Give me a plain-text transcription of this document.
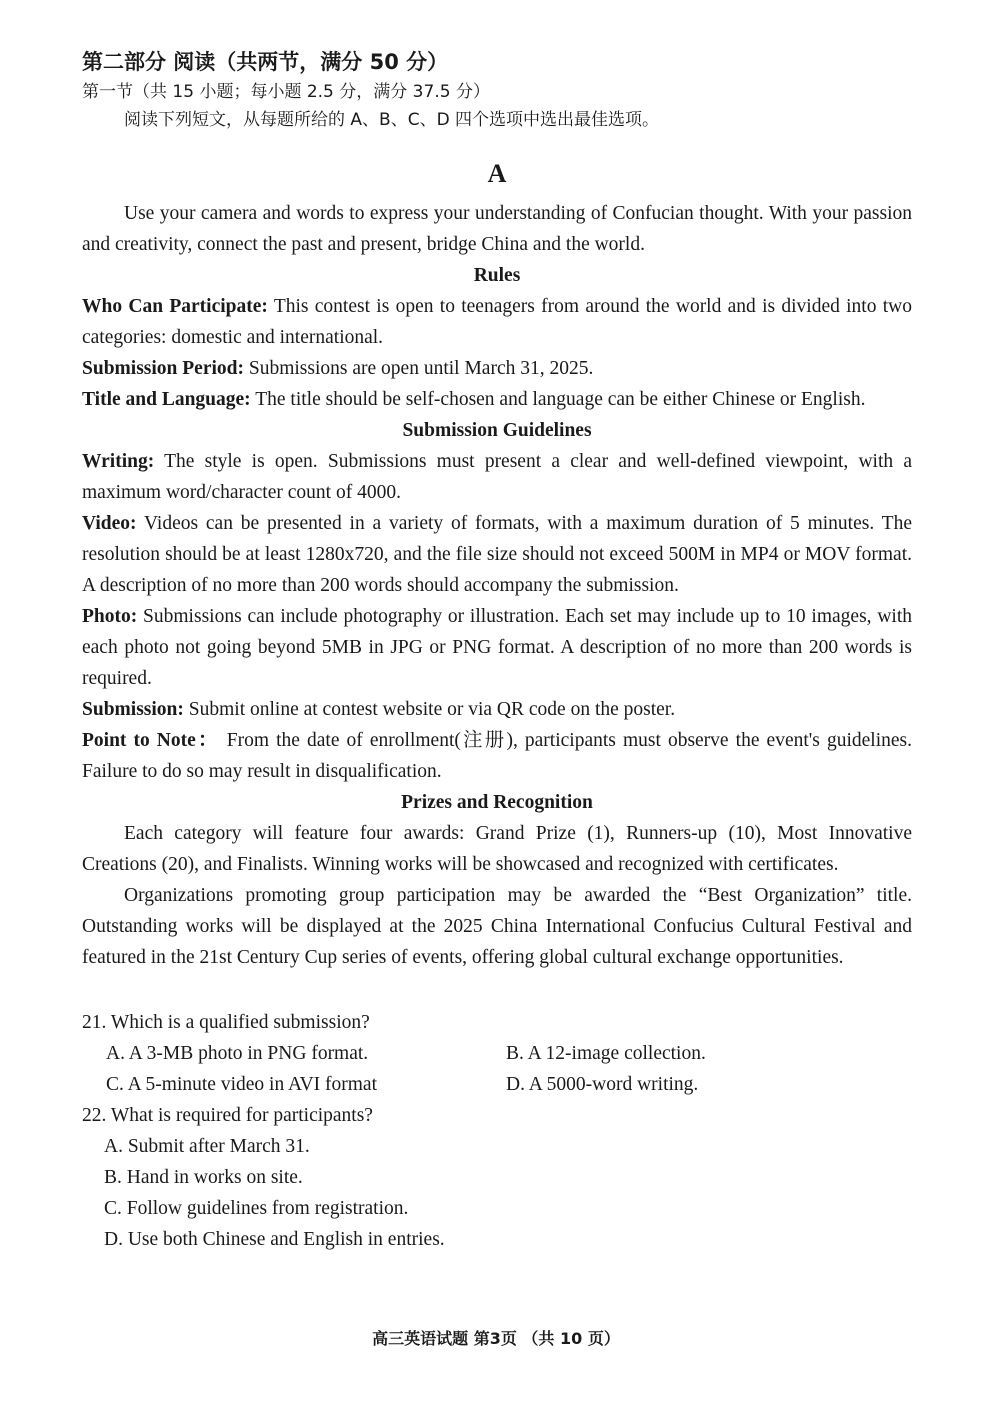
第二部分 阅读（共两节，满分 50 分）

第一节（共 15 小题；每小题 2.5 分，满分 37.5 分）

阅读下列短文，从每题所给的 A、B、C、D 四个选项中选出最佳选项。

A

Use your camera and words to express your understanding of Confucian thought. With your passion and creativity, connect the past and present, bridge China and the world.

Rules

Who Can Participate: This contest is open to teenagers from around the world and is divided into two categories: domestic and international.

Submission Period: Submissions are open until March 31, 2025.

Title and Language: The title should be self-chosen and language can be either Chinese or English.

Submission Guidelines

Writing: The style is open. Submissions must present a clear and well-defined viewpoint, with a maximum word/character count of 4000.

Video: Videos can be presented in a variety of formats, with a maximum duration of 5 minutes. The resolution should be at least 1280x720, and the file size should not exceed 500M in MP4 or MOV format. A description of no more than 200 words should accompany the submission.

Photo: Submissions can include photography or illustration. Each set may include up to 10 images, with each photo not going beyond 5MB in JPG or PNG format. A description of no more than 200 words is required.

Submission: Submit online at contest website or via QR code on the poster.

Point to Note： From the date of enrollment(注册), participants must observe the event's guidelines. Failure to do so may result in disqualification.

Prizes and Recognition

Each category will feature four awards: Grand Prize (1), Runners-up (10), Most Innovative Creations (20), and Finalists. Winning works will be showcased and recognized with certificates.

Organizations promoting group participation may be awarded the “Best Organization” title. Outstanding works will be displayed at the 2025 China International Confucius Cultural Festival and featured in the 21st Century Cup series of events, offering global cultural exchange opportunities.

21. Which is a qualified submission?

A. A 3-MB photo in PNG format.	B. A 12-image collection.
C. A 5-minute video in AVI format	D. A 5000-word writing.

22. What is required for participants?

A. Submit after March 31.
B. Hand in works on site.
C. Follow guidelines from registration.
D. Use both Chinese and English in entries.
高三英语试题 第3页 （共 10 页）
